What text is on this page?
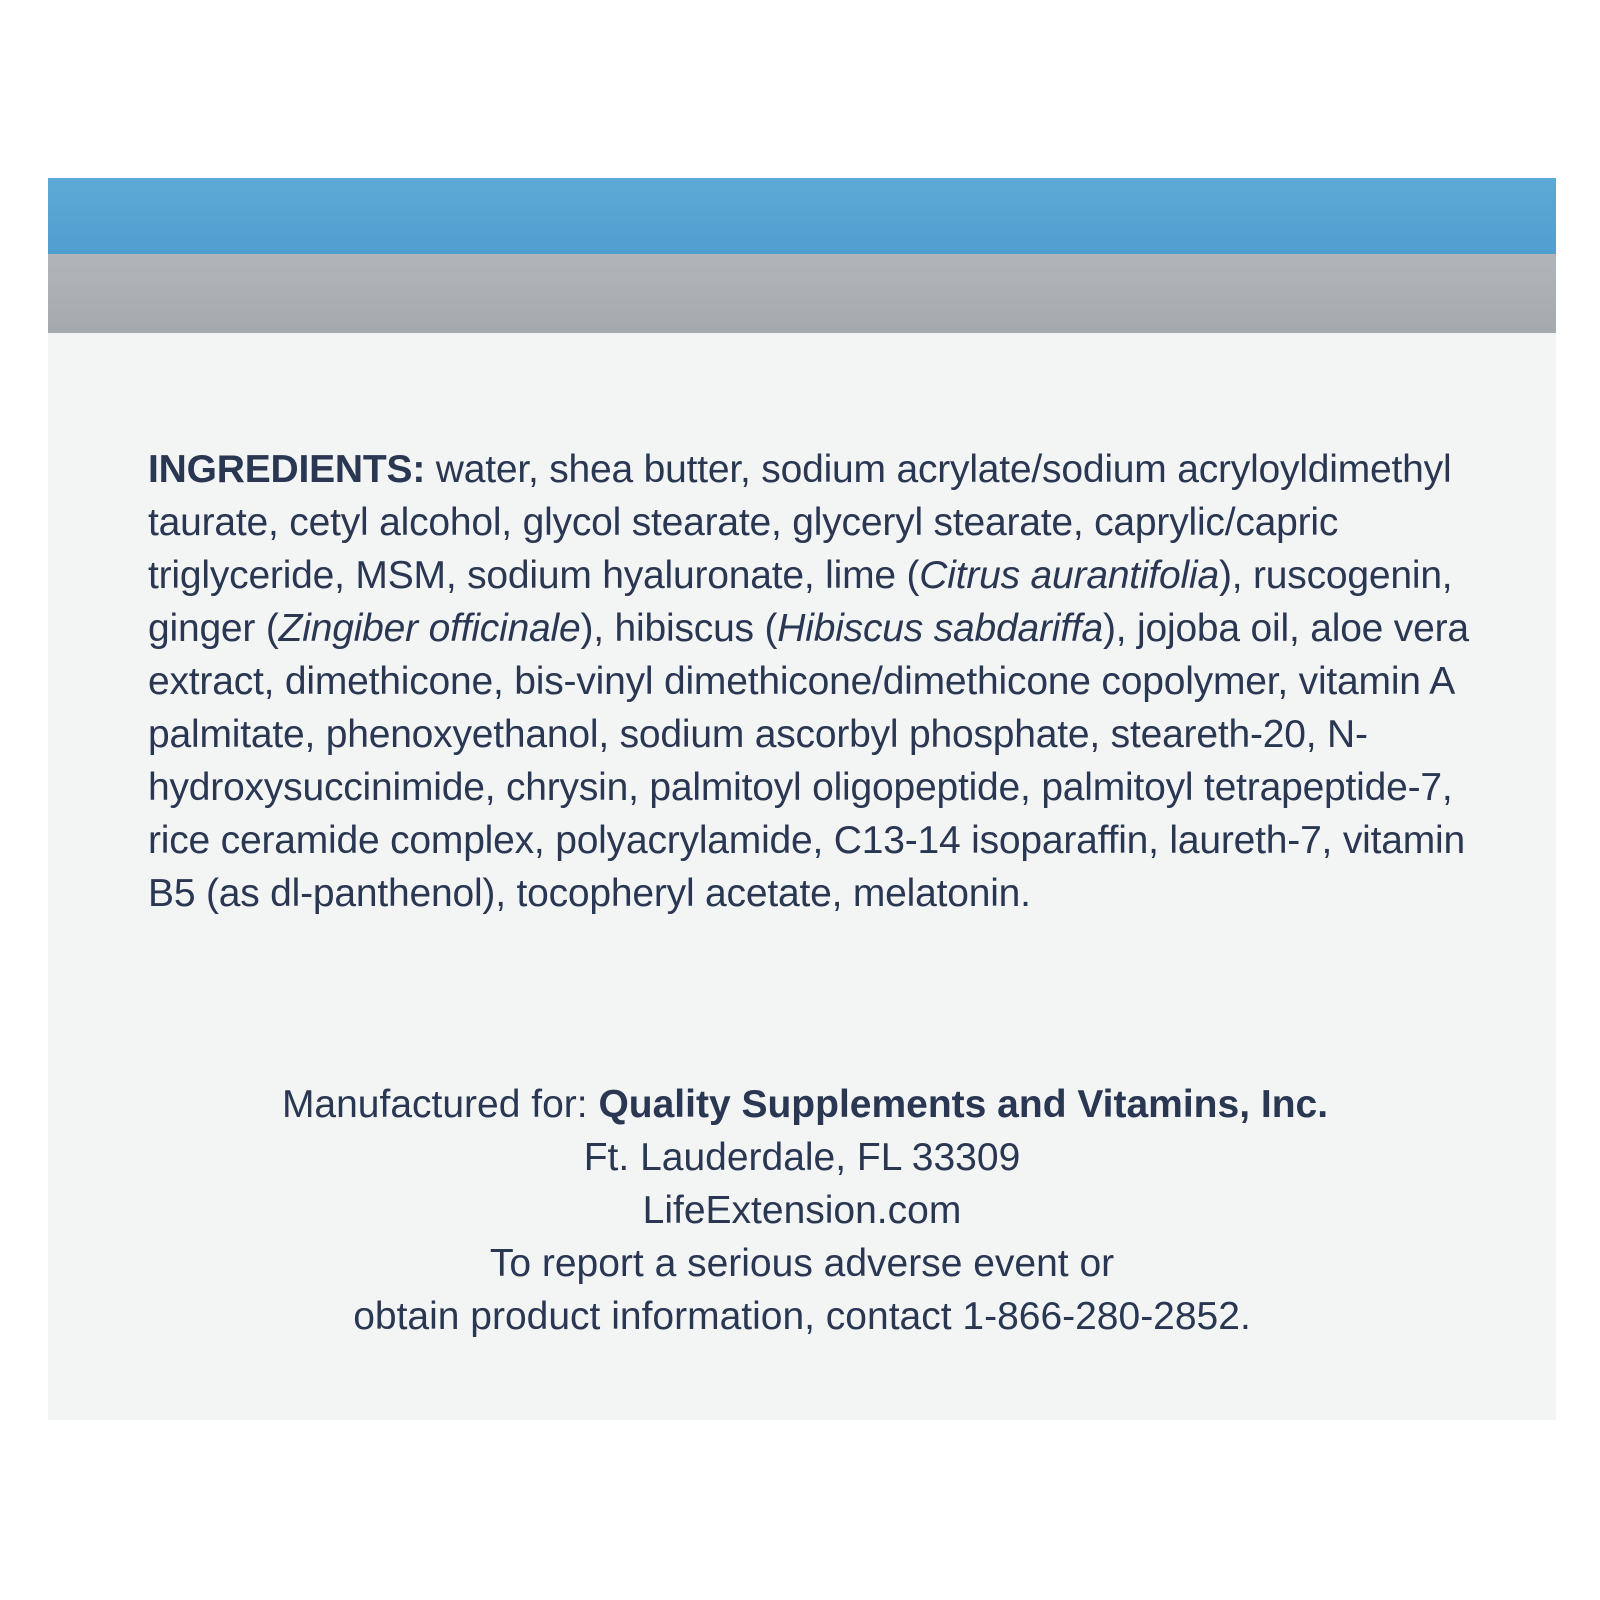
INGREDIENTS: water, shea butter, sodium acrylate/sodium acryloyldimethyl taurate, cetyl alcohol, glycol stearate, glyceryl stearate, caprylic/capric triglyceride, MSM, sodium hyaluronate, lime (Citrus aurantifolia), ruscogenin, ginger (Zingiber officinale), hibiscus (Hibiscus sabdariffa), jojoba oil, aloe vera extract, dimethicone, bis-vinyl dimethicone/dimethicone copolymer, vitamin A palmitate, phenoxyethanol, sodium ascorbyl phosphate, steareth-20, N-hydroxysuccinimide, chrysin, palmitoyl oligopeptide, palmitoyl tetrapeptide-7, rice ceramide complex, polyacrylamide, C13-14 isoparaffin, laureth-7, vitamin B5 (as dl-panthenol), tocopheryl acetate, melatonin.

Manufactured for: Quality Supplements and Vitamins, Inc.
Ft. Lauderdale, FL 33309
LifeExtension.com
To report a serious adverse event or
obtain product information, contact 1-866-280-2852.
